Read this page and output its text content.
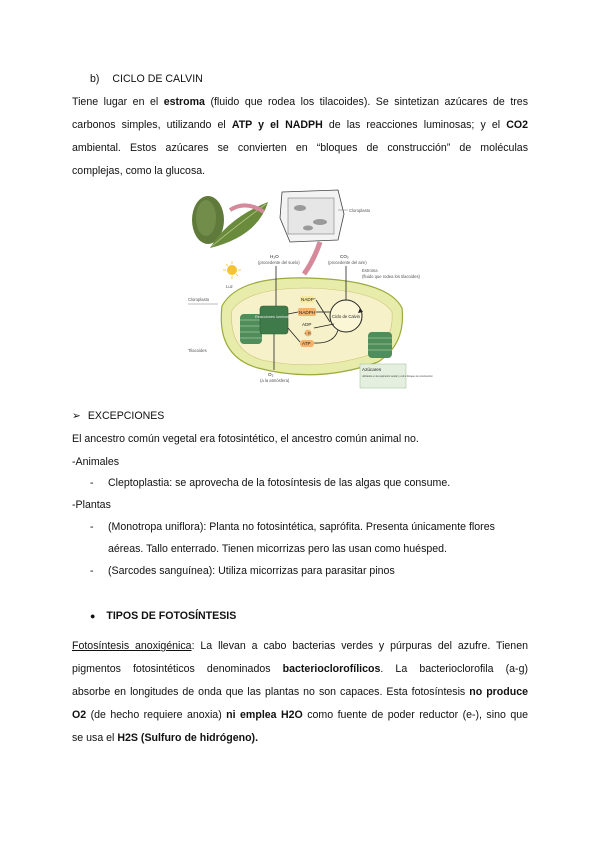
b) CICLO DE CALVIN
Tiene lugar en el estroma (fluido que rodea los tilacoides). Se sintetizan azúcares de tres
carbonos simples, utilizando el ATP y el NADPH de las reacciones luminosas; y el CO2
ambiental. Estos azúcares se convierten en “bloques de construcción” de moléculas
complejas, como la glucosa.
Cloroplasto
H₂O
(procedente del suelo)
CO₂
(procedente del aire)
Luz
Cloroplasto
Reacciones luminosas	Ciclo de Calvin
NADP⁺
NADPH
ADP
+ Pi
ATP
O₂
(a la atmósfera)
Tilacoides
Estroma
(fluido que rodea los tilacoides)
Azúcares
utilizados en la respiración celular y como bloques de construcción
➢ EXCEPCIONES
El ancestro común vegetal era fotosintético, el ancestro común animal no.
-Animales
- Cleptoplastia: se aprovecha de la fotosíntesis de las algas que consume.
-Plantas
- (Monotropa uniflora): Planta no fotosintética, saprófita. Presenta únicamente flores
aéreas. Tallo enterrado. Tienen micorrizas pero las usan como huésped.
- (Sarcodes sanguínea): Utiliza micorrizas para parasitar pinos
● TIPOS DE FOTOSÍNTESIS
Fotosíntesis anoxigénica: La llevan a cabo bacterias verdes y púrpuras del azufre. Tienen
pigmentos fotosintéticos denominados bacterioclorofílicos. La bacterioclorofila (a-g)
absorbe en longitudes de onda que las plantas no son capaces. Esta fotosíntesis no produce
O2 (de hecho requiere anoxia) ni emplea H2O como fuente de poder reductor (e-), sino que
se usa el H2S (Sulfuro de hidrógeno).
